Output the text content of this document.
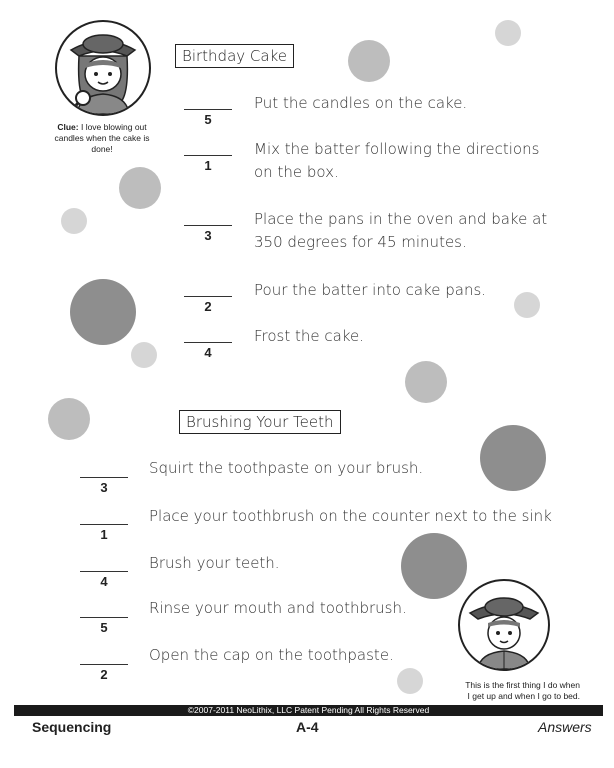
Clue: I love blowing out candles when the cake is done!
Birthday Cake
5
Put the candles on the cake.
1
Mix the batter following the directions
on the box.
3
Place the pans in the oven and bake at
350 degrees for 45 minutes.
2
Pour the batter into cake pans.
4
Frost the cake.
Brushing Your Teeth
3
Squirt the toothpaste on your brush.
1
Place your toothbrush on the counter next to the sink
4
Brush your teeth.
5
Rinse your mouth and toothbrush.
2
Open the cap on the toothpaste.
This is the first thing I do when
I get up and when I go to bed.
©2007-2011 NeoLithix, LLC Patent Pending All Rights Reserved
Sequencing	A-4	Answers
